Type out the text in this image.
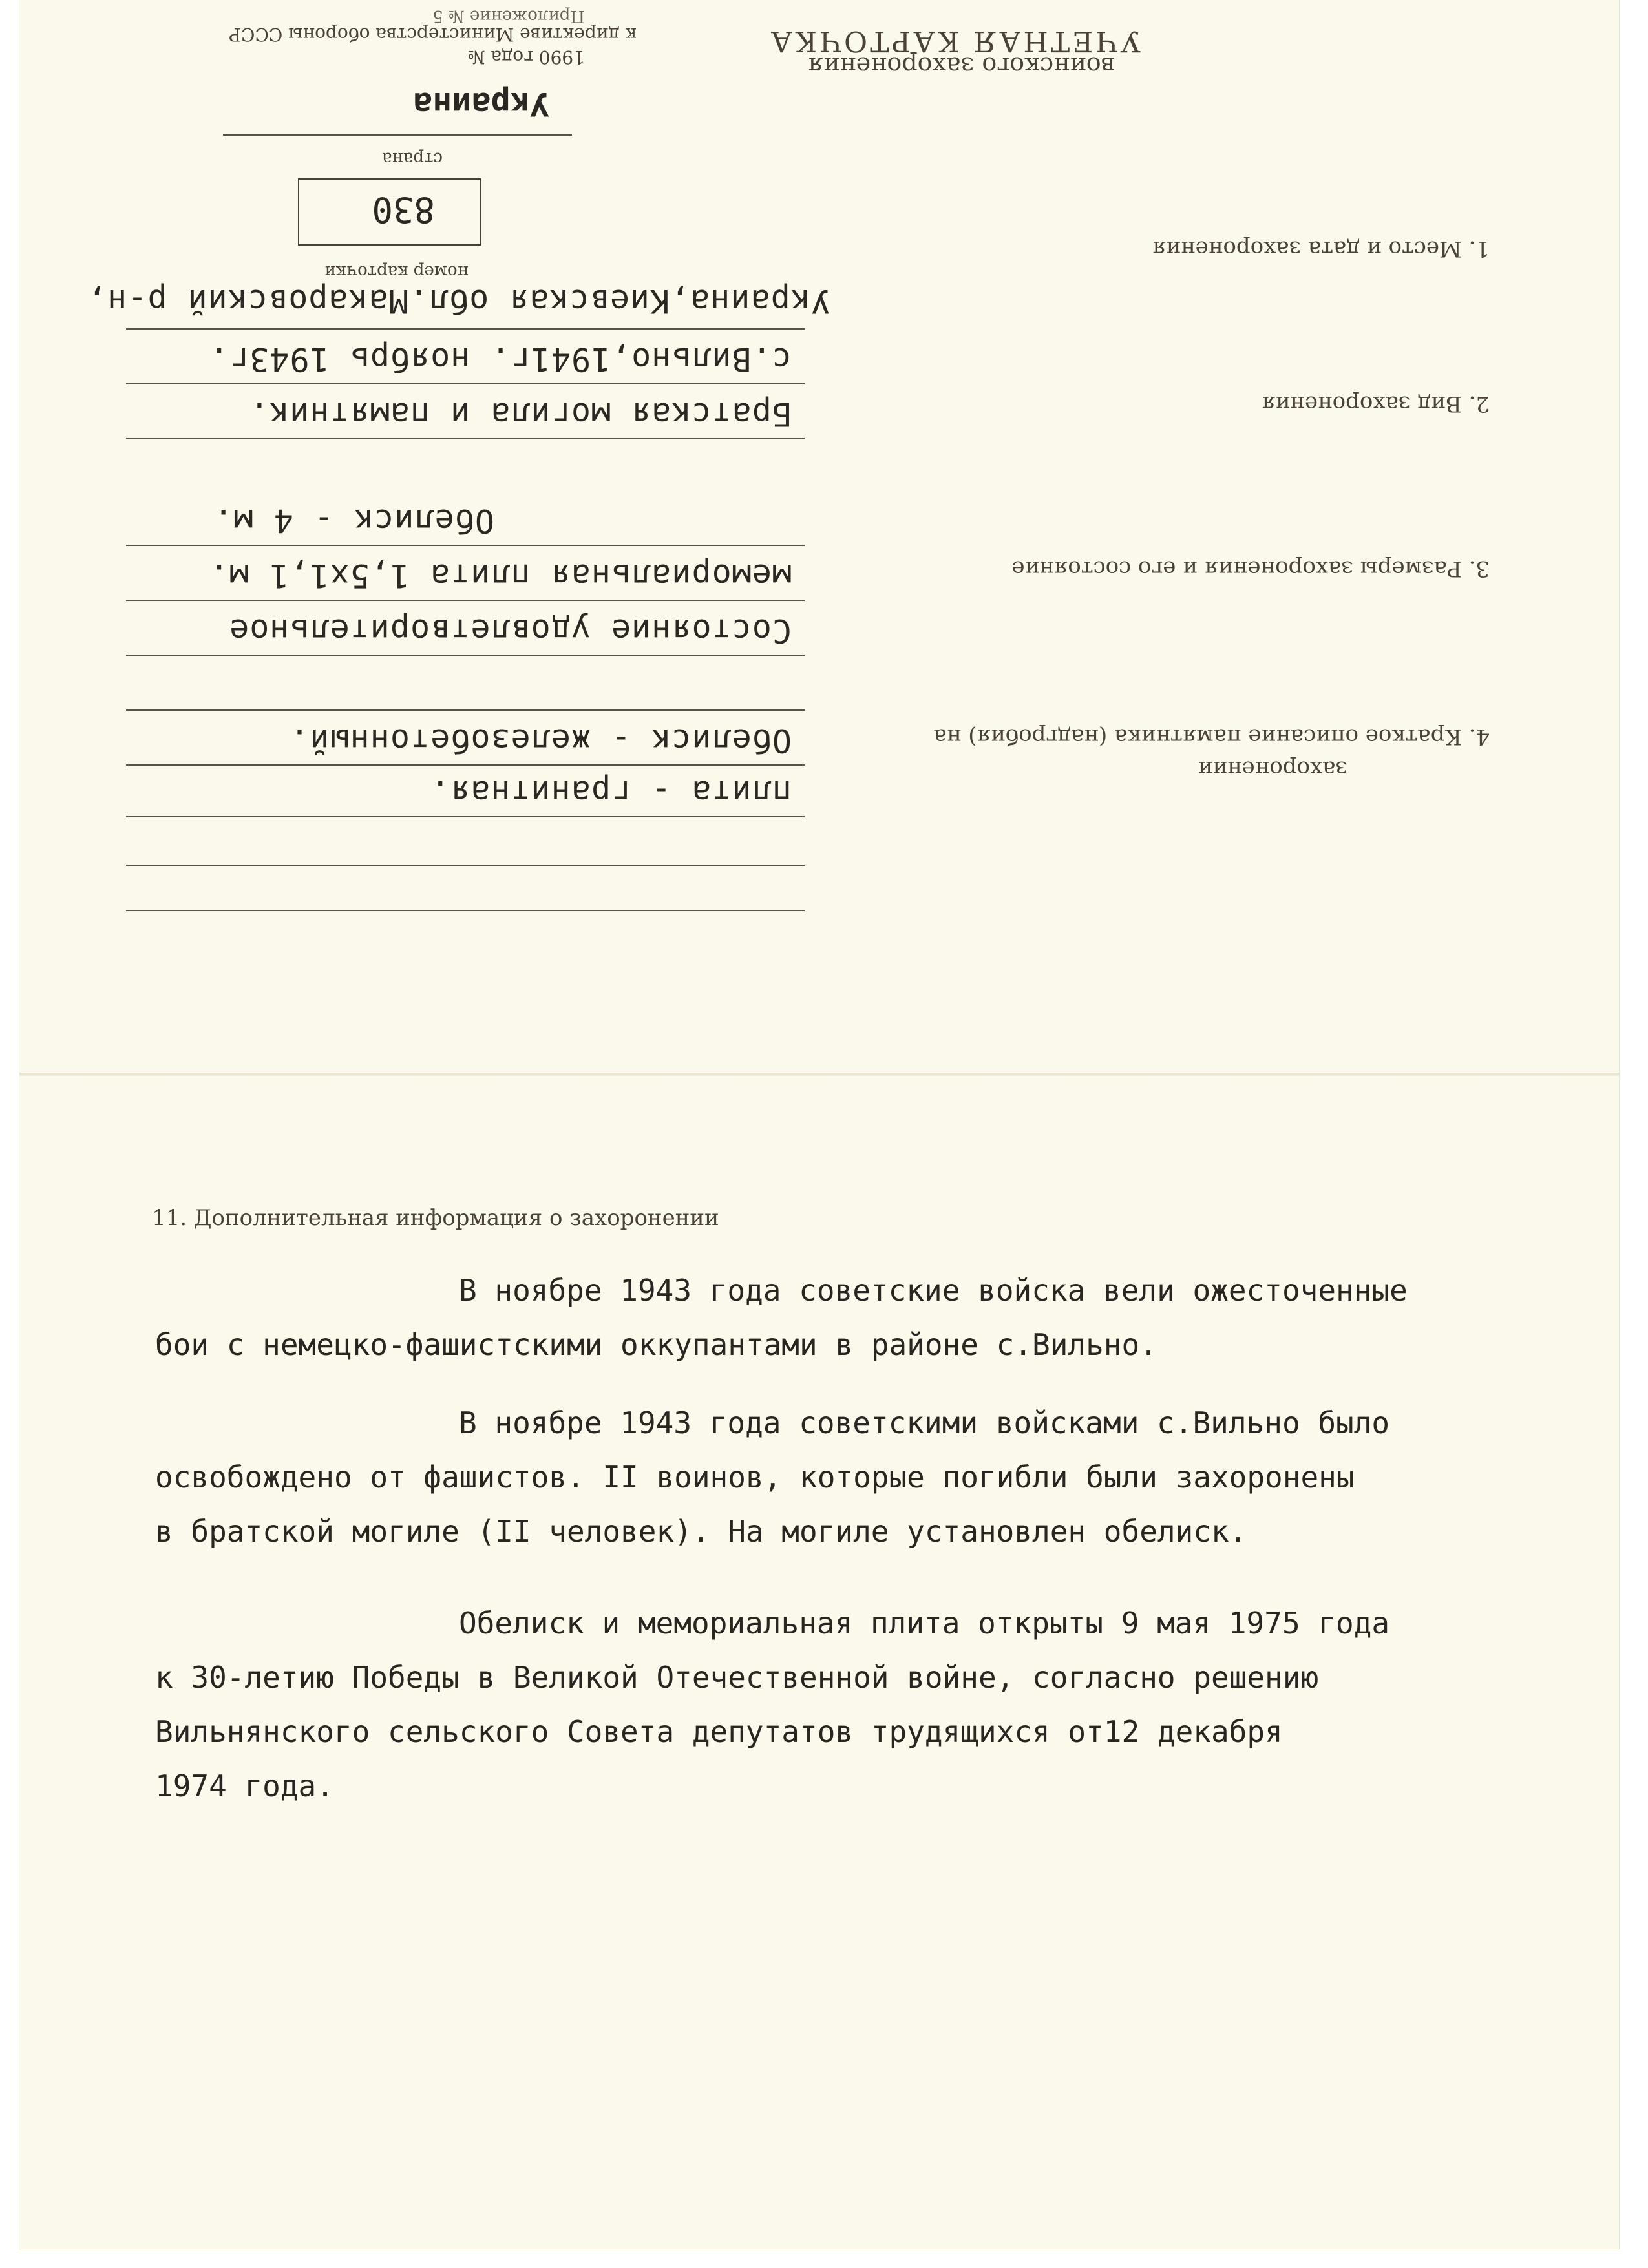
УЧЕТНАЯ КАРТОЧКА
воинского захоронения
Приложение № 5
к директиве Министерства обороны СССР
1990 года №
Украина
страна
830
номер карточки
1. Место и дата захоронения
Украина,Киевская обл.Макаровский р-н,
с.Вильно,1941г. ноябрь 1943г.
2. Вид захоронения
Братская могила и памятник.
3. Размеры захоронения и его состояние
Обелиск - 4 м.
мемориальная плита 1,5х1,1 м.
Состояние удовлетворительное
4. Краткое описание памятника (надгробия) на
захоронении
Обелиск - железобетонный.
плита - гранитная.
11. Дополнительная информация о захоронении
В ноябре 1943 года советские войска вели ожесточенные
бои с немецко-фашистскими оккупантами в районе с.Вильно.
В ноябре 1943 года советскими войсками с.Вильно было
освобождено от фашистов. II воинов, которые погибли были захоронены
в братской могиле (II человек). На могиле установлен обелиск.
Обелиск и мемориальная плита открыты 9 мая 1975 года
к 30-летию Победы в Великой Отечественной войне, согласно решению
Вильнянского сельского Совета депутатов трудящихся от12 декабря
1974 года.
